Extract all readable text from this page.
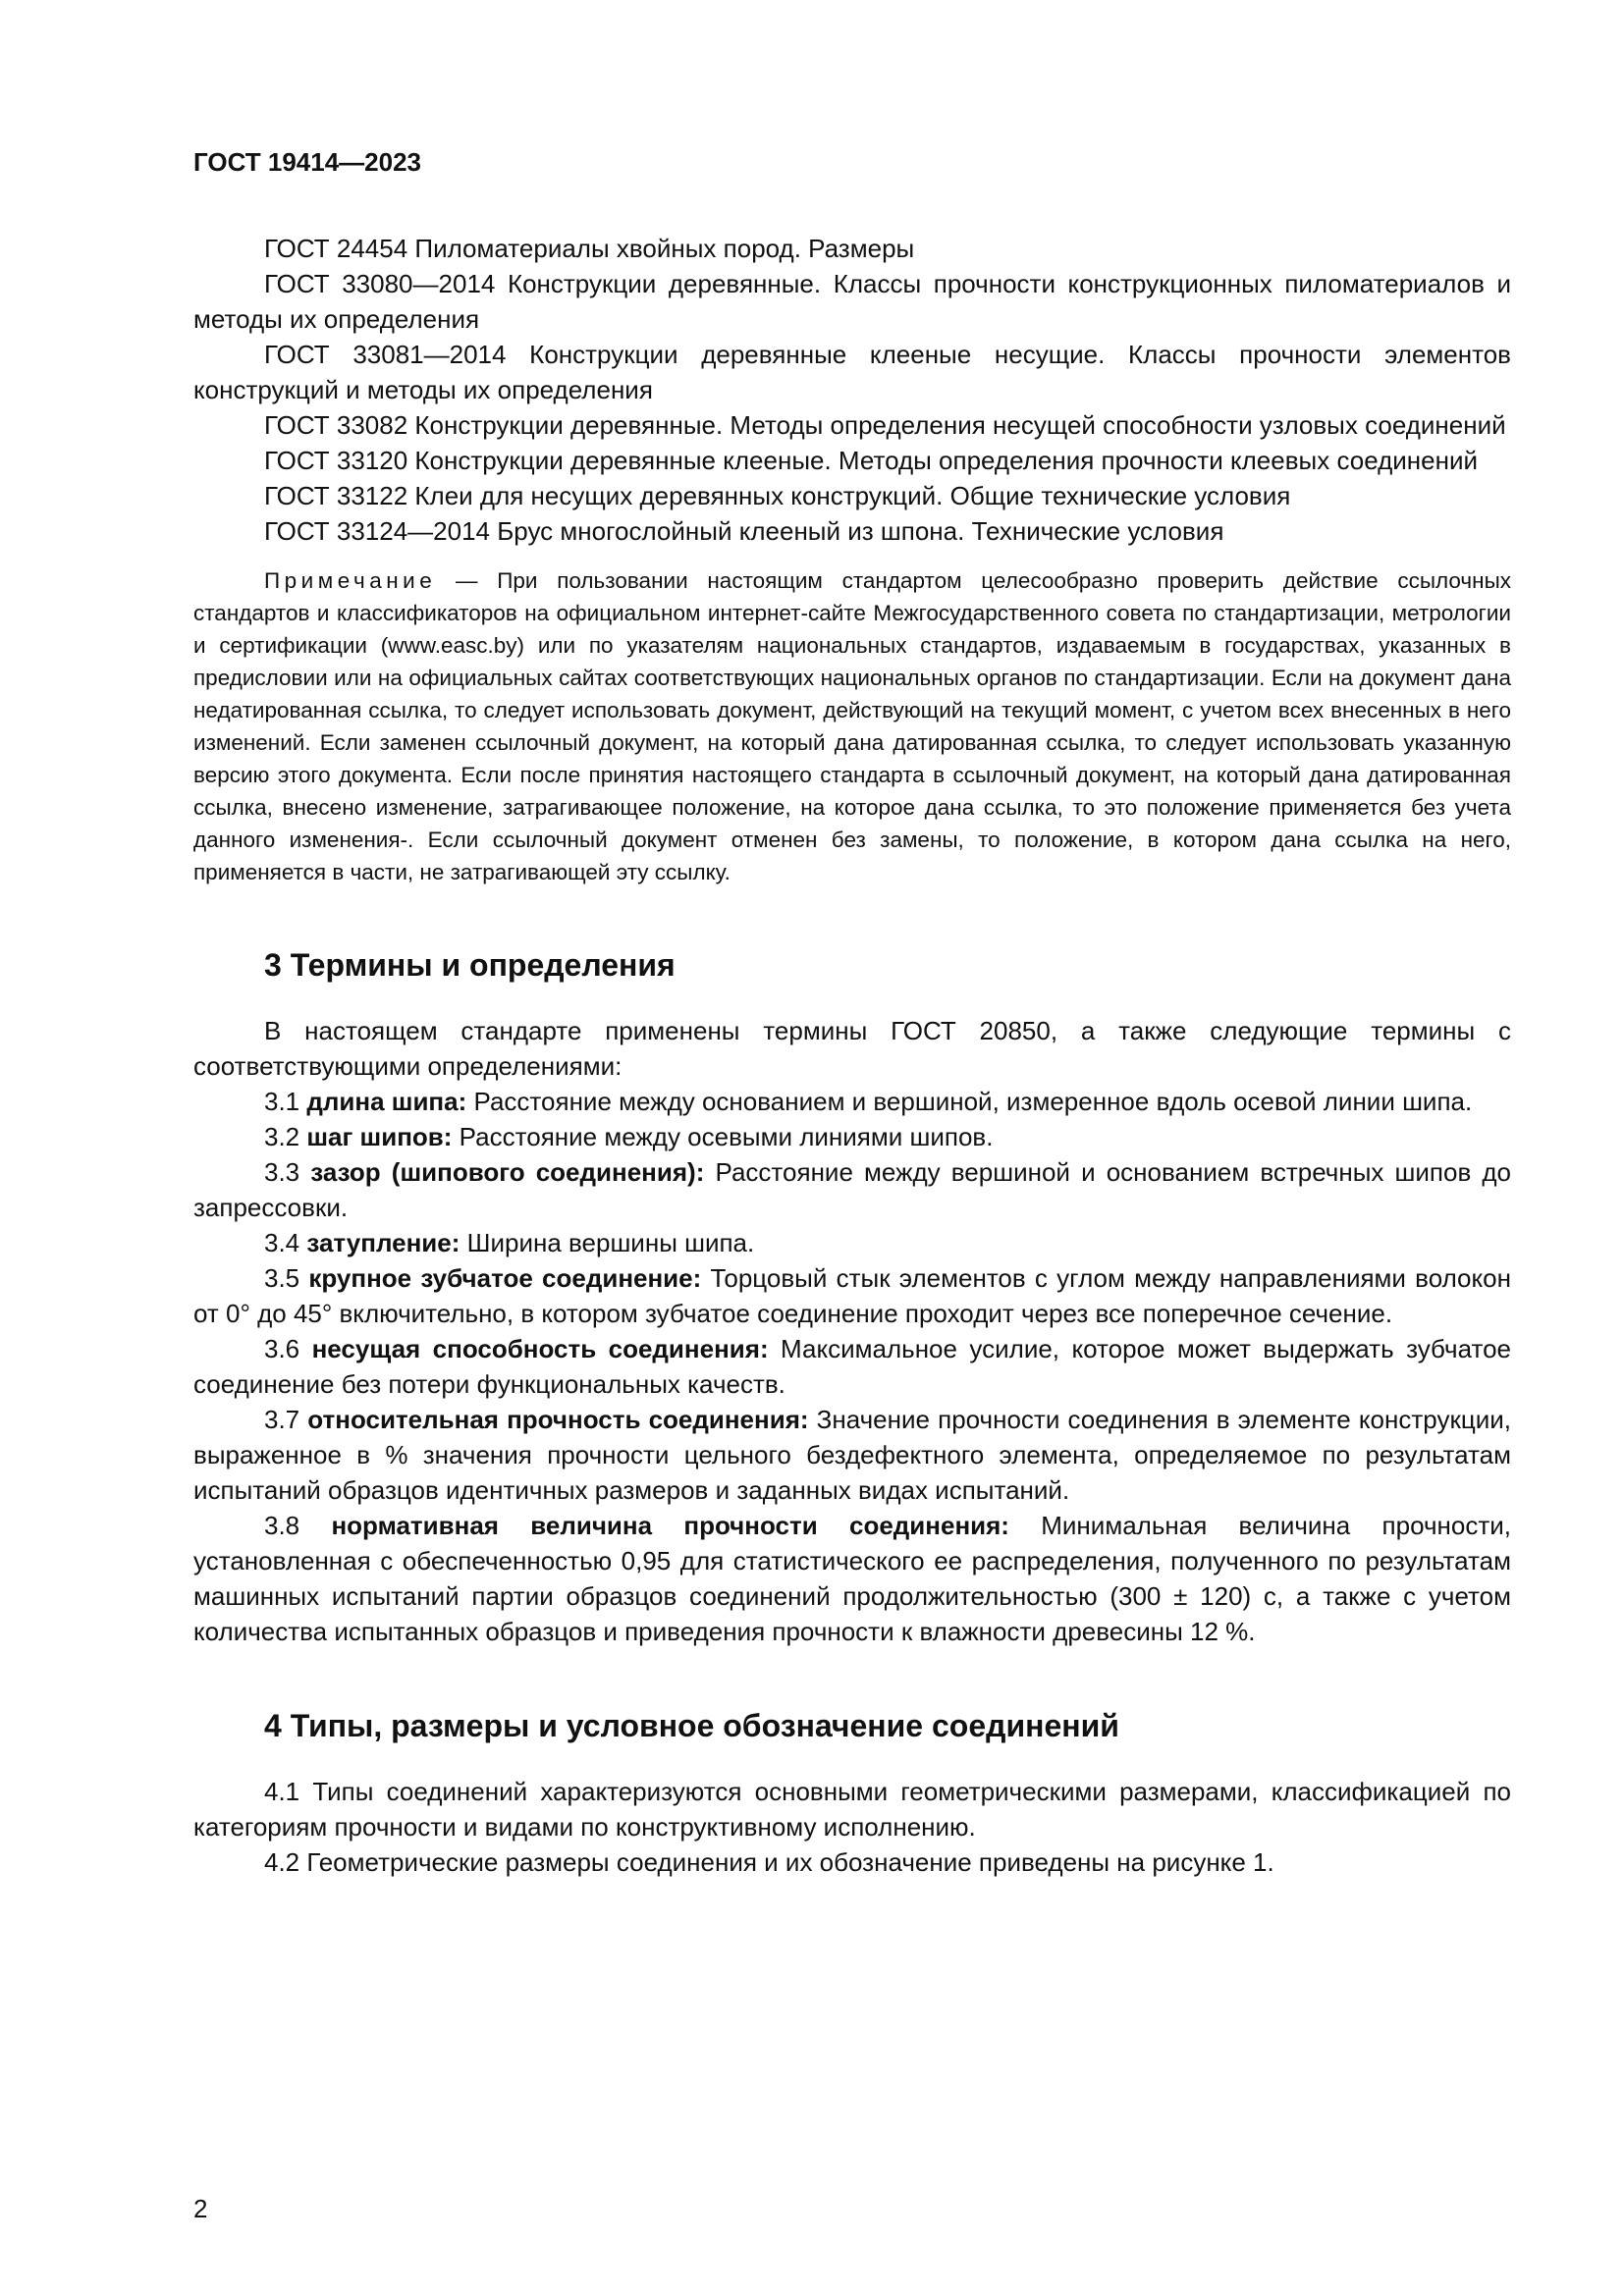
ГОСТ 19414—2023

ГОСТ 24454 Пиломатериалы хвойных пород. Размеры

ГОСТ 33080—2014 Конструкции деревянные. Классы прочности конструкционных пиломатериалов и методы их определения

ГОСТ 33081—2014 Конструкции деревянные клееные несущие. Классы прочности элементов конструкций и методы их определения

ГОСТ 33082 Конструкции деревянные. Методы определения несущей способности узловых соединений

ГОСТ 33120 Конструкции деревянные клееные. Методы определения прочности клеевых соединений

ГОСТ 33122 Клеи для несущих деревянных конструкций. Общие технические условия

ГОСТ 33124—2014 Брус многослойный клееный из шпона. Технические условия

Примечание — При пользовании настоящим стандартом целесообразно проверить действие ссылочных стандартов и классификаторов на официальном интернет-сайте Межгосударственного совета по стандартизации, метрологии и сертификации (www.easc.by) или по указателям национальных стандартов, издаваемым в государствах, указанных в предисловии или на официальных сайтах соответствующих национальных органов по стандартизации. Если на документ дана недатированная ссылка, то следует использовать документ, действующий на текущий момент, с учетом всех внесенных в него изменений. Если заменен ссылочный документ, на который дана датированная ссылка, то следует использовать указанную версию этого документа. Если после принятия настоящего стандарта в ссылочный документ, на который дана датированная ссылка, внесено изменение, затрагивающее положение, на которое дана ссылка, то это положение применяется без учета данного изменения-. Если ссылочный документ отменен без замены, то положение, в котором дана ссылка на него, применяется в части, не затрагивающей эту ссылку.

3 Термины и определения

В настоящем стандарте применены термины ГОСТ 20850, а также следующие термины с соответствующими определениями:

3.1 длина шипа: Расстояние между основанием и вершиной, измеренное вдоль осевой линии шипа.

3.2 шаг шипов: Расстояние между осевыми линиями шипов.

3.3 зазор (шипового соединения): Расстояние между вершиной и основанием встречных шипов до запрессовки.

3.4 затупление: Ширина вершины шипа.

3.5 крупное зубчатое соединение: Торцовый стык элементов с углом между направлениями волокон от 0° до 45° включительно, в котором зубчатое соединение проходит через все поперечное сечение.

3.6 несущая способность соединения: Максимальное усилие, которое может выдержать зубчатое соединение без потери функциональных качеств.

3.7 относительная прочность соединения: Значение прочности соединения в элементе конструкции, выраженное в % значения прочности цельного бездефектного элемента, определяемое по результатам испытаний образцов идентичных размеров и заданных видах испытаний.

3.8 нормативная величина прочности соединения: Минимальная величина прочности, установленная с обеспеченностью 0,95 для статистического ее распределения, полученного по результатам машинных испытаний партии образцов соединений продолжительностью (300 ± 120) с, а также с учетом количества испытанных образцов и приведения прочности к влажности древесины 12 %.

4 Типы, размеры и условное обозначение соединений

4.1 Типы соединений характеризуются основными геометрическими размерами, классификацией по категориям прочности и видами по конструктивному исполнению.

4.2 Геометрические размеры соединения и их обозначение приведены на рисунке 1.

2
